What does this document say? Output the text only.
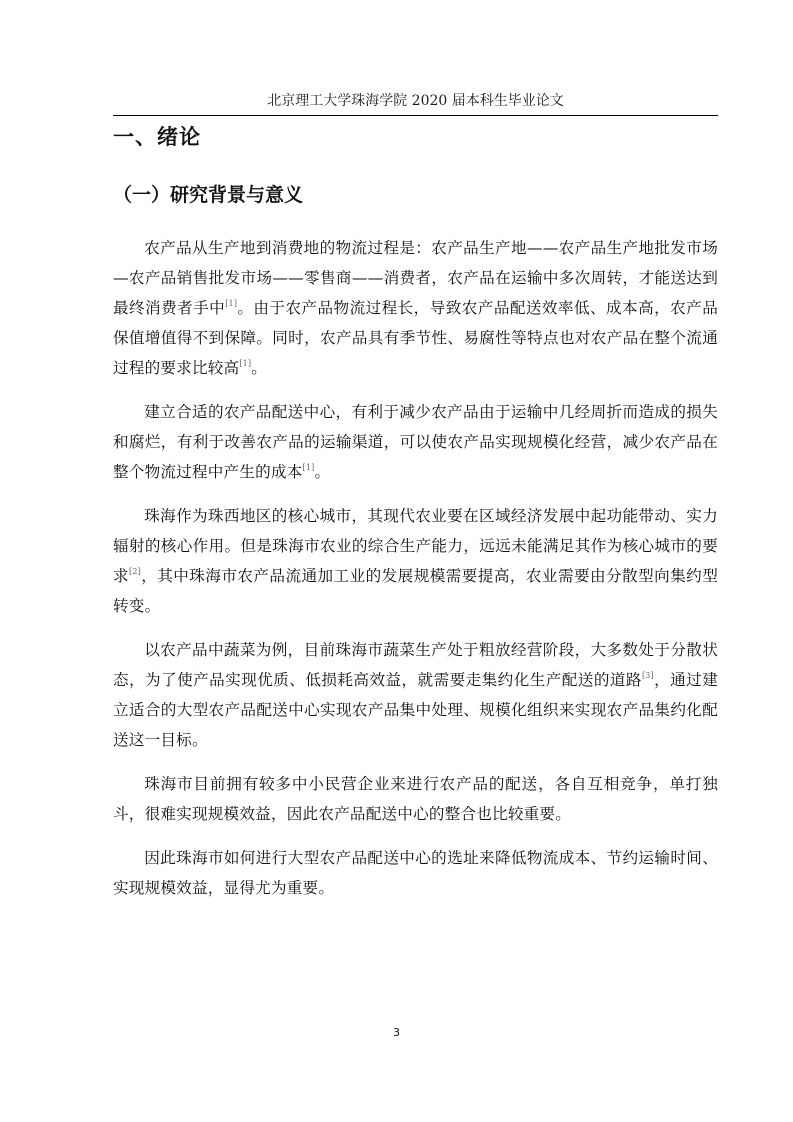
北京理工大学珠海学院 2020 届本科生毕业论文
一、绪论
（一）研究背景与意义

农产品从生产地到消费地的物流过程是：农产品生产地——农产品生产地批发市场—农产品销售批发市场——零售商——消费者，农产品在运输中多次周转，才能送达到最终消费者手中[1]。由于农产品物流过程长，导致农产品配送效率低、成本高，农产品保值增值得不到保障。同时，农产品具有季节性、易腐性等特点也对农产品在整个流通过程的要求比较高[1]。

建立合适的农产品配送中心，有利于减少农产品由于运输中几经周折而造成的损失和腐烂，有利于改善农产品的运输渠道，可以使农产品实现规模化经营，减少农产品在整个物流过程中产生的成本[1]。

珠海作为珠西地区的核心城市，其现代农业要在区域经济发展中起功能带动、实力辐射的核心作用。但是珠海市农业的综合生产能力，远远未能满足其作为核心城市的要求[2]，其中珠海市农产品流通加工业的发展规模需要提高，农业需要由分散型向集约型转变。

以农产品中蔬菜为例，目前珠海市蔬菜生产处于粗放经营阶段，大多数处于分散状态，为了使产品实现优质、低损耗高效益，就需要走集约化生产配送的道路[3]，通过建立适合的大型农产品配送中心实现农产品集中处理、规模化组织来实现农产品集约化配送这一目标。

珠海市目前拥有较多中小民营企业来进行农产品的配送，各自互相竞争，单打独斗，很难实现规模效益，因此农产品配送中心的整合也比较重要。

因此珠海市如何进行大型农产品配送中心的选址来降低物流成本、节约运输时间、实现规模效益，显得尤为重要。

3
